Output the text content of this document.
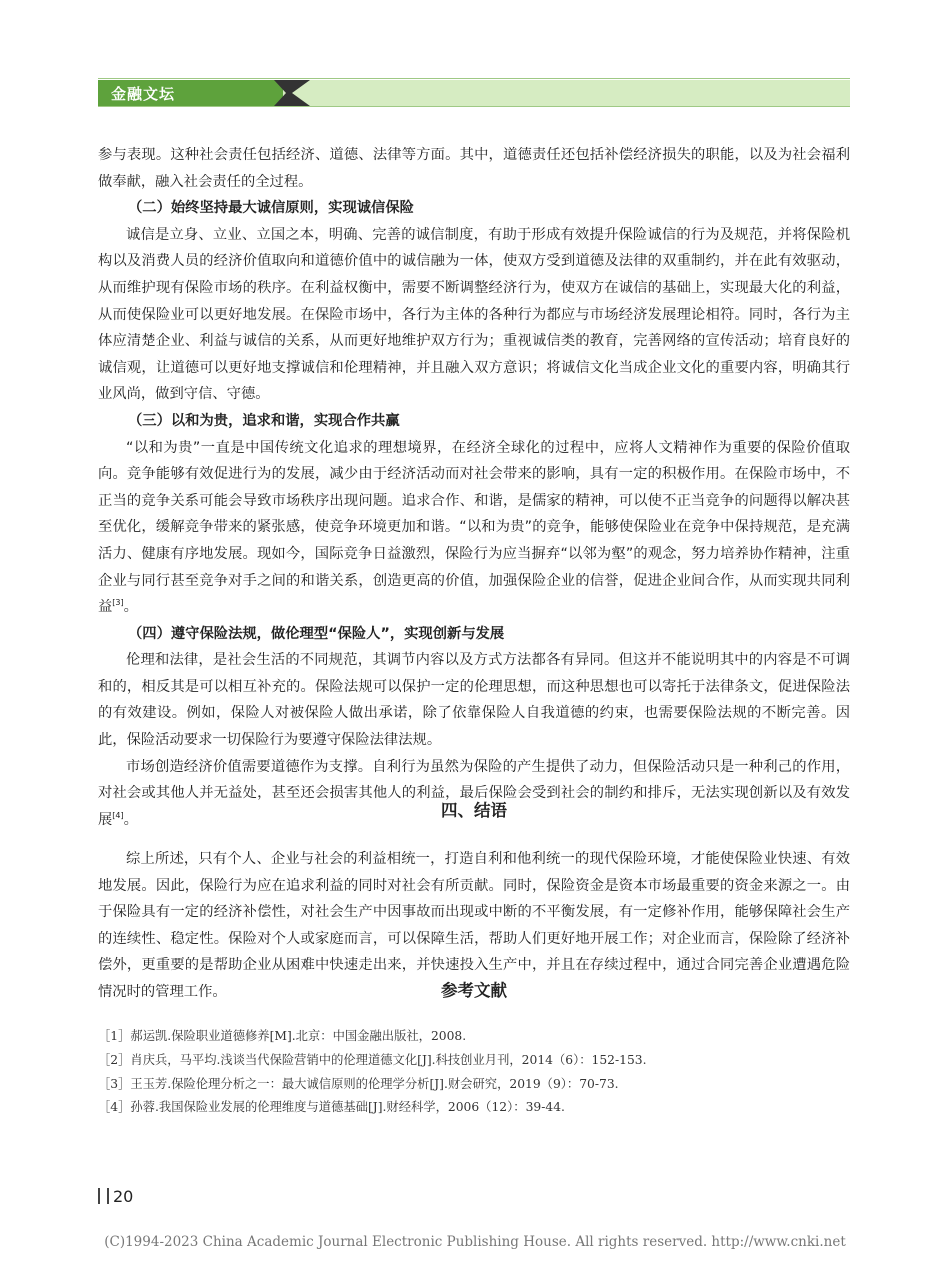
金融文坛

参与表现。这种社会责任包括经济、道德、法律等方面。其中，道德责任还包括补偿经济损失的职能，以及为社会福利做奉献，融入社会责任的全过程。

（二）始终坚持最大诚信原则，实现诚信保险

诚信是立身、立业、立国之本，明确、完善的诚信制度，有助于形成有效提升保险诚信的行为及规范，并将保险机构以及消费人员的经济价值取向和道德价值中的诚信融为一体，使双方受到道德及法律的双重制约，并在此有效驱动，从而维护现有保险市场的秩序。在利益权衡中，需要不断调整经济行为，使双方在诚信的基础上，实现最大化的利益，从而使保险业可以更好地发展。在保险市场中，各行为主体的各种行为都应与市场经济发展理论相符。同时，各行为主体应清楚企业、利益与诚信的关系，从而更好地维护双方行为；重视诚信类的教育，完善网络的宣传活动；培育良好的诚信观，让道德可以更好地支撑诚信和伦理精神，并且融入双方意识；将诚信文化当成企业文化的重要内容，明确其行业风尚，做到守信、守德。

（三）以和为贵，追求和谐，实现合作共赢

“以和为贵”一直是中国传统文化追求的理想境界，在经济全球化的过程中，应将人文精神作为重要的保险价值取向。竞争能够有效促进行为的发展，减少由于经济活动而对社会带来的影响，具有一定的积极作用。在保险市场中，不正当的竞争关系可能会导致市场秩序出现问题。追求合作、和谐，是儒家的精神，可以使不正当竞争的问题得以解决甚至优化，缓解竞争带来的紧张感，使竞争环境更加和谐。“以和为贵”的竞争，能够使保险业在竞争中保持规范，是充满活力、健康有序地发展。现如今，国际竞争日益激烈，保险行为应当摒弃“以邻为壑”的观念，努力培养协作精神，注重企业与同行甚至竞争对手之间的和谐关系，创造更高的价值，加强保险企业的信誉，促进企业间合作，从而实现共同利益[3]。

（四）遵守保险法规，做伦理型“保险人”，实现创新与发展

伦理和法律，是社会生活的不同规范，其调节内容以及方式方法都各有异同。但这并不能说明其中的内容是不可调和的，相反其是可以相互补充的。保险法规可以保护一定的伦理思想，而这种思想也可以寄托于法律条文，促进保险法的有效建设。例如，保险人对被保险人做出承诺，除了依靠保险人自我道德的约束，也需要保险法规的不断完善。因此，保险活动要求一切保险行为要遵守保险法律法规。

市场创造经济价值需要道德作为支撑。自利行为虽然为保险的产生提供了动力，但保险活动只是一种利己的作用，对社会或其他人并无益处，甚至还会损害其他人的利益，最后保险会受到社会的制约和排斥，无法实现创新以及有效发展[4]。	四、结语

综上所述，只有个人、企业与社会的利益相统一，打造自利和他利统一的现代保险环境，才能使保险业快速、有效地发展。因此，保险行为应在追求利益的同时对社会有所贡献。同时，保险资金是资本市场最重要的资金来源之一。由于保险具有一定的经济补偿性，对社会生产中因事故而出现或中断的不平衡发展，有一定修补作用，能够保障社会生产的连续性、稳定性。保险对个人或家庭而言，可以保障生活，帮助人们更好地开展工作；对企业而言，保险除了经济补偿外，更重要的是帮助企业从困难中快速走出来，并快速投入生产中，并且在存续过程中，通过合同完善企业遭遇危险情况时的管理工作。	参考文献

［1］郝运凯.保险职业道德修养[M].北京：中国金融出版社，2008.

［2］肖庆兵，马平均.浅谈当代保险营销中的伦理道德文化[J].科技创业月刊，2014（6）：152-153.

［3］王玉芳.保险伦理分析之一：最大诚信原则的伦理学分析[J].财会研究，2019（9）：70-73.

［4］孙蓉.我国保险业发展的伦理维度与道德基础[J].财经科学，2006（12）：39-44.

20
(C)1994-2023 China Academic Journal Electronic Publishing House. All rights reserved. http://www.cnki.net
